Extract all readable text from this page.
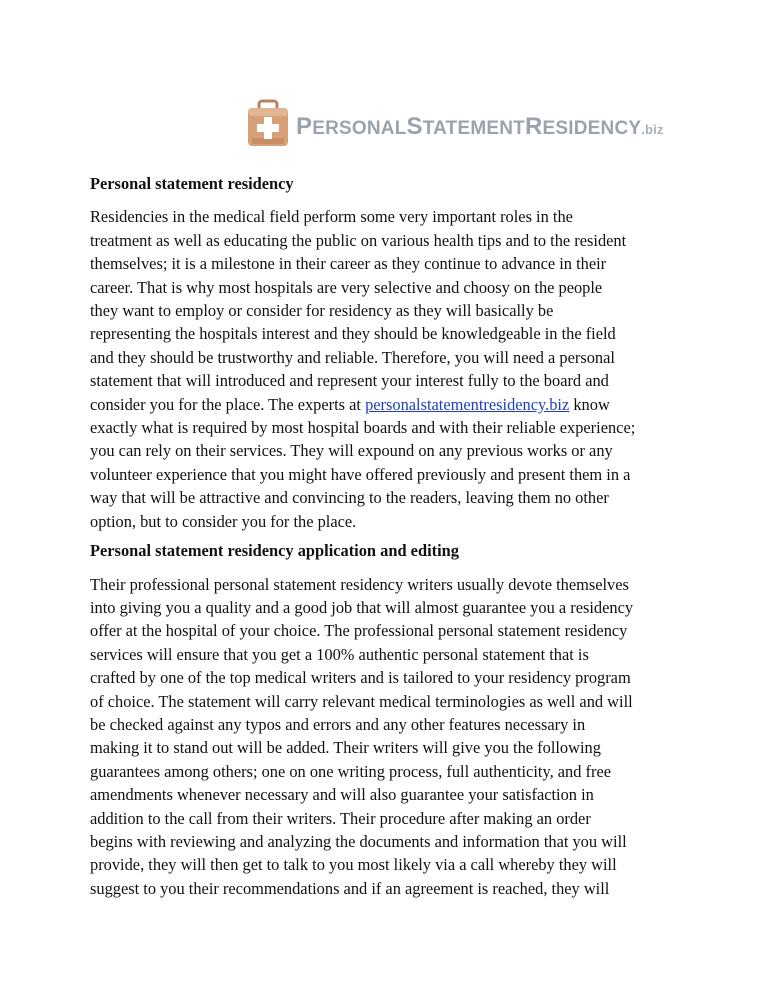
PERSONALSTATEMENTRESIDENCY.biz
Personal statement residency

Residencies in the medical field perform some very important roles in the
treatment as well as educating the public on various health tips and to the resident
themselves; it is a milestone in their career as they continue to advance in their
career. That is why most hospitals are very selective and choosy on the people
they want to employ or consider for residency as they will basically be
representing the hospitals interest and they should be knowledgeable in the field
and they should be trustworthy and reliable. Therefore, you will need a personal
statement that will introduced and represent your interest fully to the board and
consider you for the place. The experts at personalstatementresidency.biz know
exactly what is required by most hospital boards and with their reliable experience;
you can rely on their services. They will expound on any previous works or any
volunteer experience that you might have offered previously and present them in a
way that will be attractive and convincing to the readers, leaving them no other
option, but to consider you for the place.

Personal statement residency application and editing

Their professional personal statement residency writers usually devote themselves
into giving you a quality and a good job that will almost guarantee you a residency
offer at the hospital of your choice. The professional personal statement residency
services will ensure that you get a 100% authentic personal statement that is
crafted by one of the top medical writers and is tailored to your residency program
of choice. The statement will carry relevant medical terminologies as well and will
be checked against any typos and errors and any other features necessary in
making it to stand out will be added. Their writers will give you the following
guarantees among others; one on one writing process, full authenticity, and free
amendments whenever necessary and will also guarantee your satisfaction in
addition to the call from their writers. Their procedure after making an order
begins with reviewing and analyzing the documents and information that you will
provide, they will then get to talk to you most likely via a call whereby they will
suggest to you their recommendations and if an agreement is reached, they will
